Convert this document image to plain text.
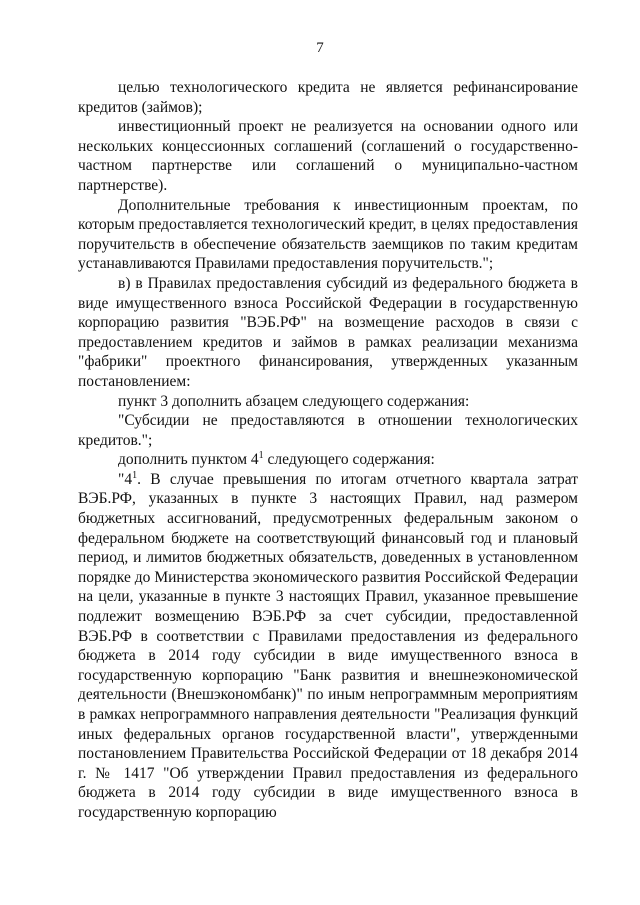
7

целью технологического кредита не является рефинансирование кредитов (займов);

инвестиционный проект не реализуется на основании одного или нескольких концессионных соглашений (соглашений о государственно-частном партнерстве или соглашений о муниципально-частном партнерстве).

Дополнительные требования к инвестиционным проектам, по которым предоставляется технологический кредит, в целях предоставления поручительств в обеспечение обязательств заемщиков по таким кредитам устанавливаются Правилами предоставления поручительств.";

в) в Правилах предоставления субсидий из федерального бюджета в виде имущественного взноса Российской Федерации в государственную корпорацию развития "ВЭБ.РФ" на возмещение расходов в связи с предоставлением кредитов и займов в рамках реализации механизма "фабрики" проектного финансирования, утвержденных указанным постановлением:

пункт 3 дополнить абзацем следующего содержания:

"Субсидии не предоставляются в отношении технологических кредитов.";

дополнить пунктом $4^1$ следующего содержания:

"$4^1$. В случае превышения по итогам отчетного квартала затрат ВЭБ.РФ, указанных в пункте 3 настоящих Правил, над размером бюджетных ассигнований, предусмотренных федеральным законом о федеральном бюджете на соответствующий финансовый год и плановый период, и лимитов бюджетных обязательств, доведенных в установленном порядке до Министерства экономического развития Российской Федерации на цели, указанные в пункте 3 настоящих Правил, указанное превышение подлежит возмещению ВЭБ.РФ за счет субсидии, предоставленной ВЭБ.РФ в соответствии с Правилами предоставления из федерального бюджета в 2014 году субсидии в виде имущественного взноса в государственную корпорацию "Банк развития и внешнеэкономической деятельности (Внешэкономбанк)" по иным непрограммным мероприятиям в рамках непрограммного направления деятельности "Реализация функций иных федеральных органов государственной власти", утвержденными постановлением Правительства Российской Федерации от 18 декабря 2014 г. № 1417 "Об утверждении Правил предоставления из федерального бюджета в 2014 году субсидии в виде имущественного взноса в государственную корпорацию
